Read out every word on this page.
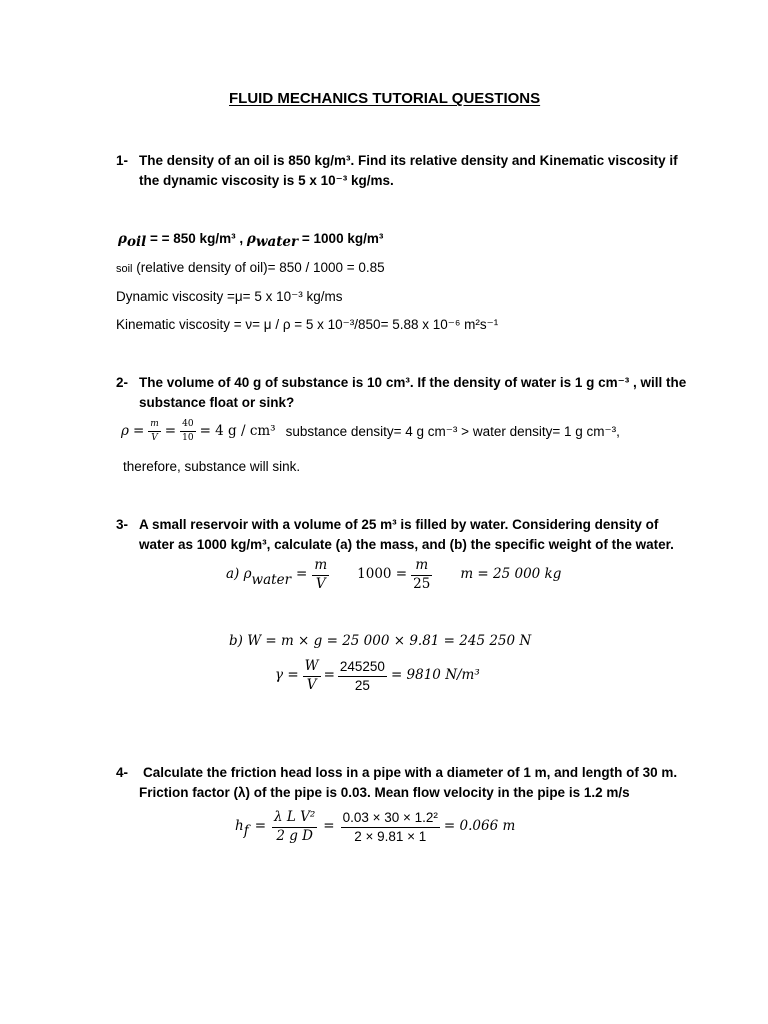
FLUID MECHANICS TUTORIAL QUESTIONS
1- The density of an oil is 850 kg/m³. Find its relative density and Kinematic viscosity if
the dynamic viscosity is 5 x 10⁻³ kg/ms.
$\rho_{oil}$ = = 850 kg/m³ , $\rho_{water} = 1000$ kg/m³
soil (relative density of oil)= 850 / 1000 = 0.85
Dynamic viscosity =μ= 5 x 10⁻³ kg/ms
Kinematic viscosity = ν= μ / ρ = 5 x 10⁻³/850= 5.88 x 10⁻⁶ m²s⁻¹
2- The volume of 40 g of substance is 10 cm³. If the density of water is 1 g cm⁻³ , will the
substance float or sink?
$\rho = \frac{m}{V} = \frac{40}{10} = 4$ g / cm³ substance density= 4 g cm⁻³ > water density= 1 g cm⁻³,
therefore, substance will sink.
3- A small reservoir with a volume of 25 m³ is filled by water. Considering density of
water as 1000 kg/m³, calculate (a) the mass, and (b) the specific weight of the water.
a) ρ water = $\frac{m}{V} 1000 = \frac{m}{25}$ m = 25 000 kg
b) W = m × g = 25 000 × 9.81 = 245 250 N
$\gamma = \frac{W}{V} = \frac{245250}{25} = 9810$ N/m³
4- Calculate the friction head loss in a pipe with a diameter of 1 m, and length of 30 m.
Friction factor (λ) of the pipe is 0.03. Mean flow velocity in the pipe is 1.2 m/s
h $f = \frac{\text{λ L V²}}{\text{2 g D}} = \frac{\text{0.03 × 30 × 1.2²}}{2 \times 9.81 \times 1} = 0.066$ m
